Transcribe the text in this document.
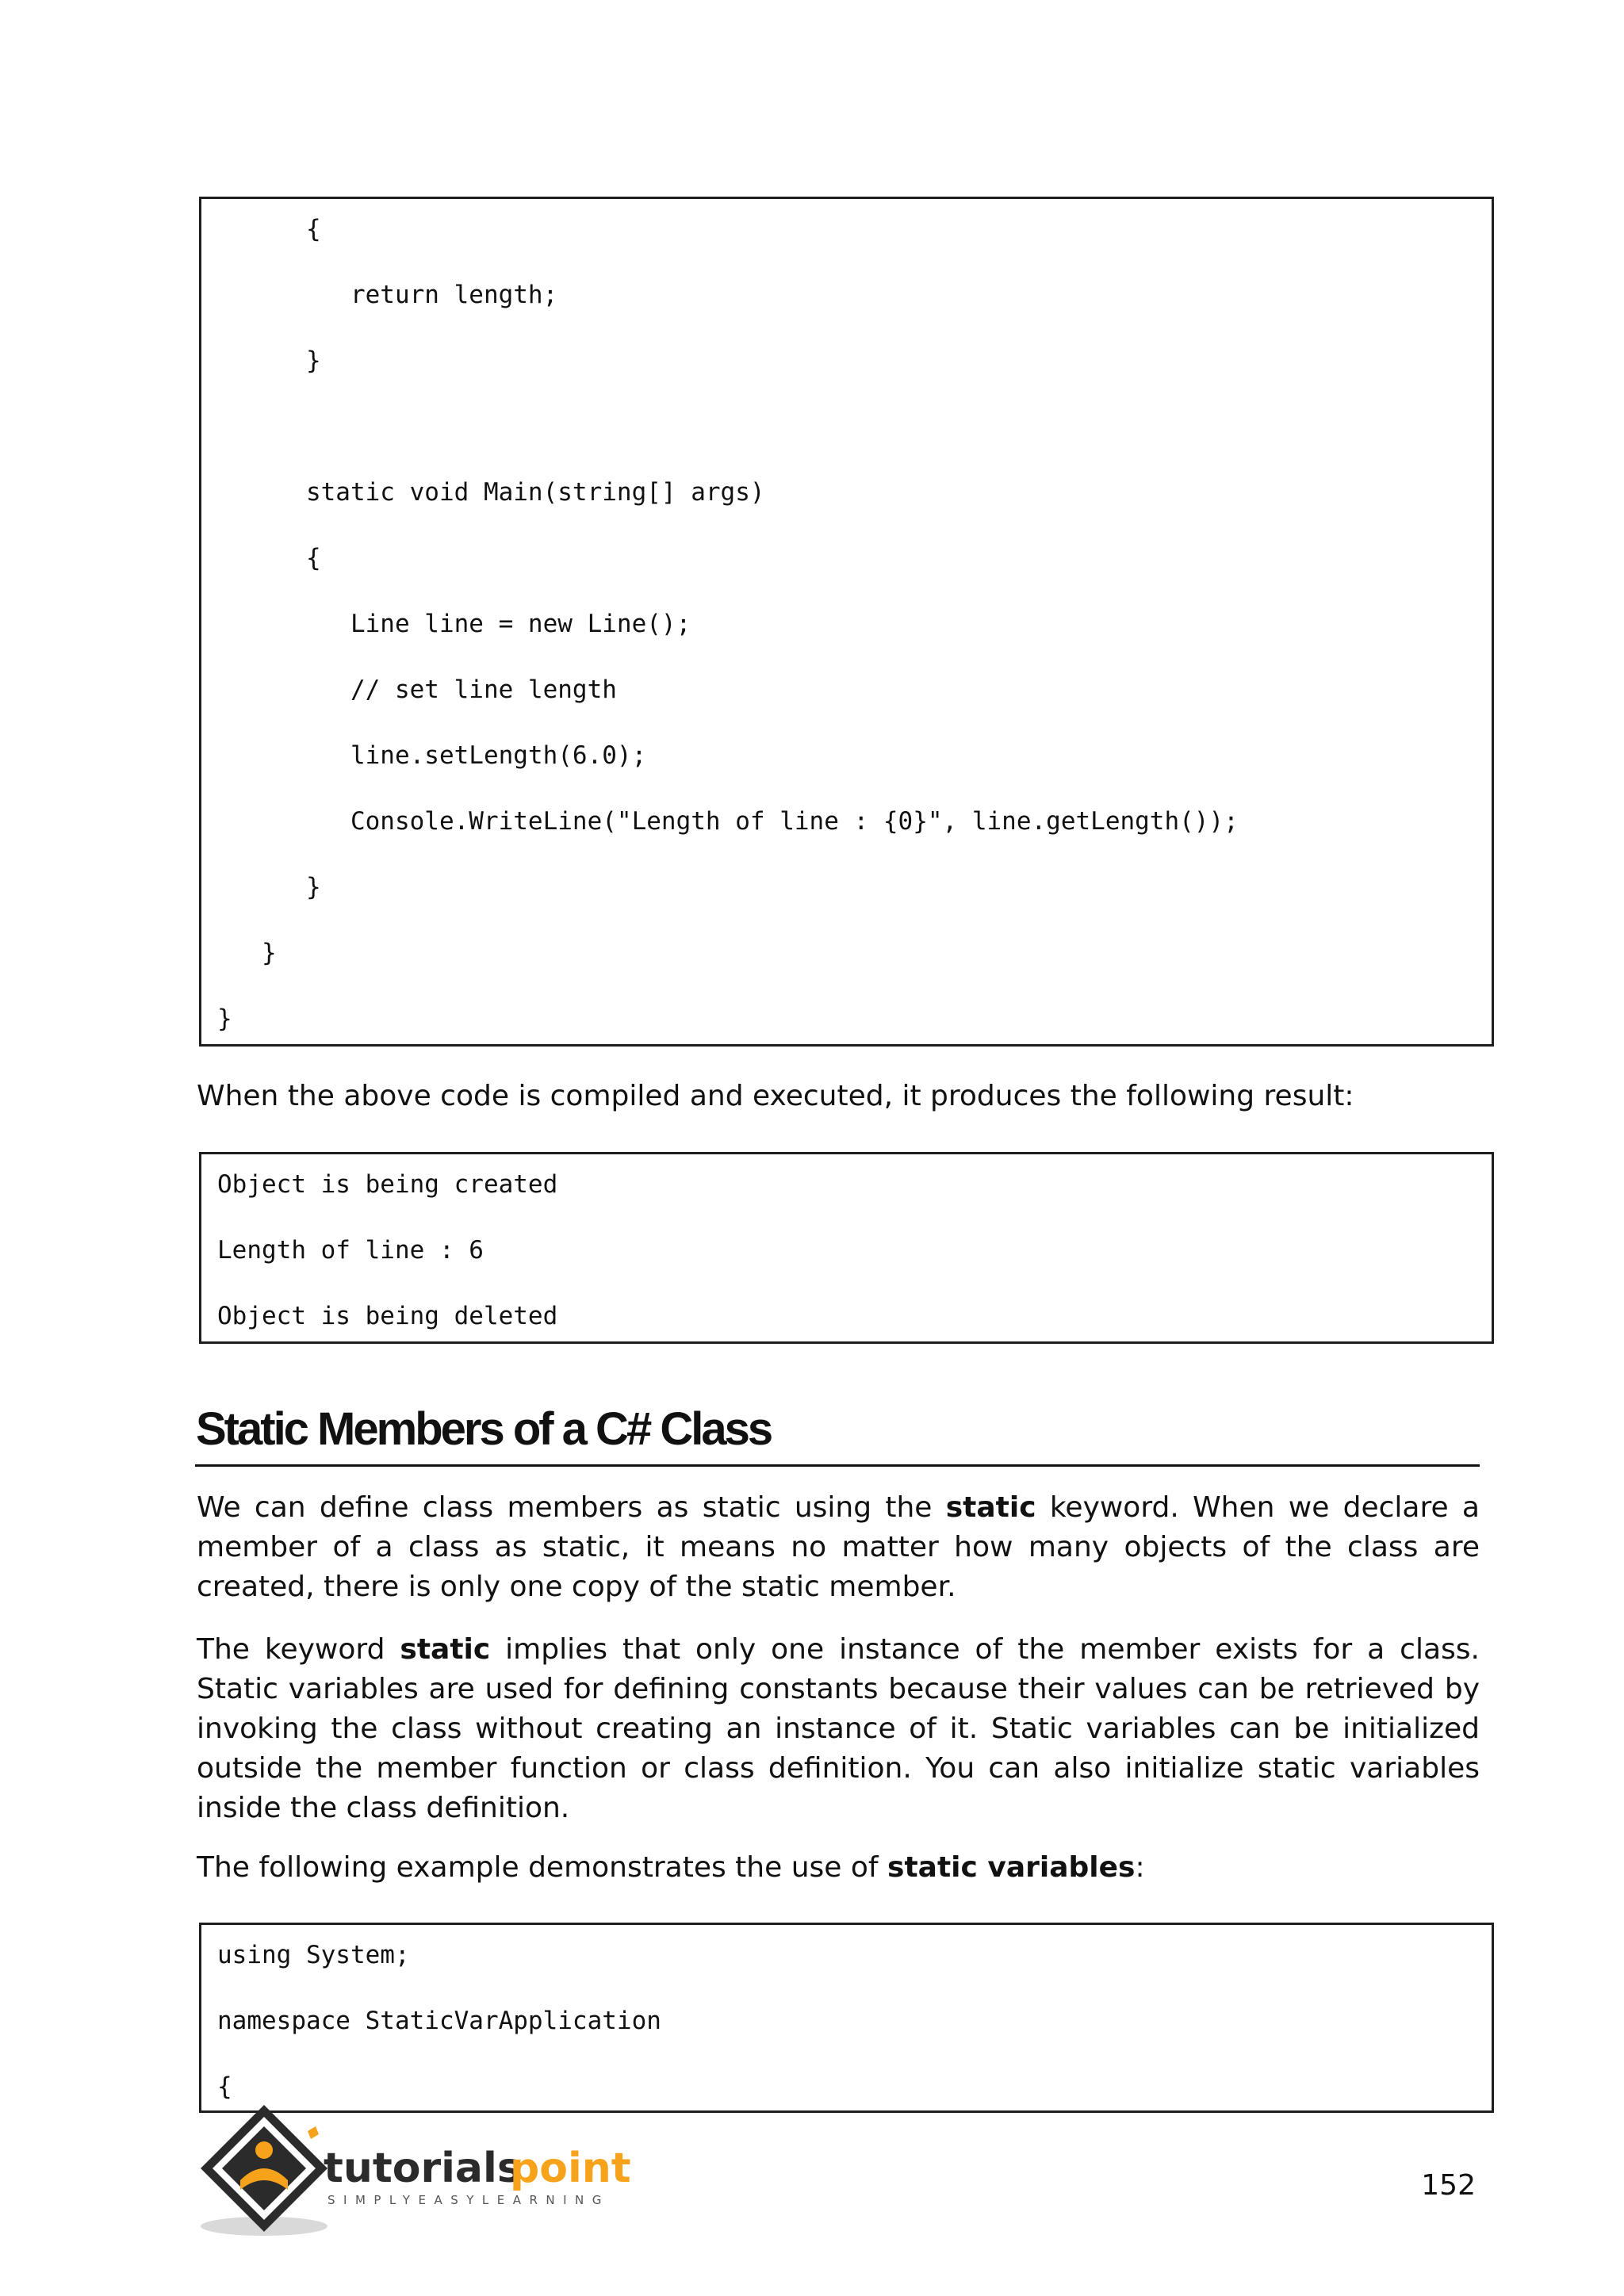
{
return length;
}
static void Main(string[] args)
{
Line line = new Line();
// set line length
line.setLength(6.0);
Console.WriteLine("Length of line : {0}", line.getLength());
}
}
}

When the above code is compiled and executed, it produces the following result:

Object is being created
Length of line : 6
Object is being deleted
Static Members of a C# Class

We can define class members as static using the static keyword. When we declare a member of a class as static, it means no matter how many objects of the class are created, there is only one copy of the static member.

The keyword static implies that only one instance of the member exists for a class. Static variables are used for defining constants because their values can be retrieved by invoking the class without creating an instance of it. Static variables can be initialized outside the member function or class definition. You can also initialize static variables inside the class definition.

The following example demonstrates the use of static variables:

using System;
namespace StaticVarApplication
{
tutorials
point
SIMPLYEASYLEARNING	152
